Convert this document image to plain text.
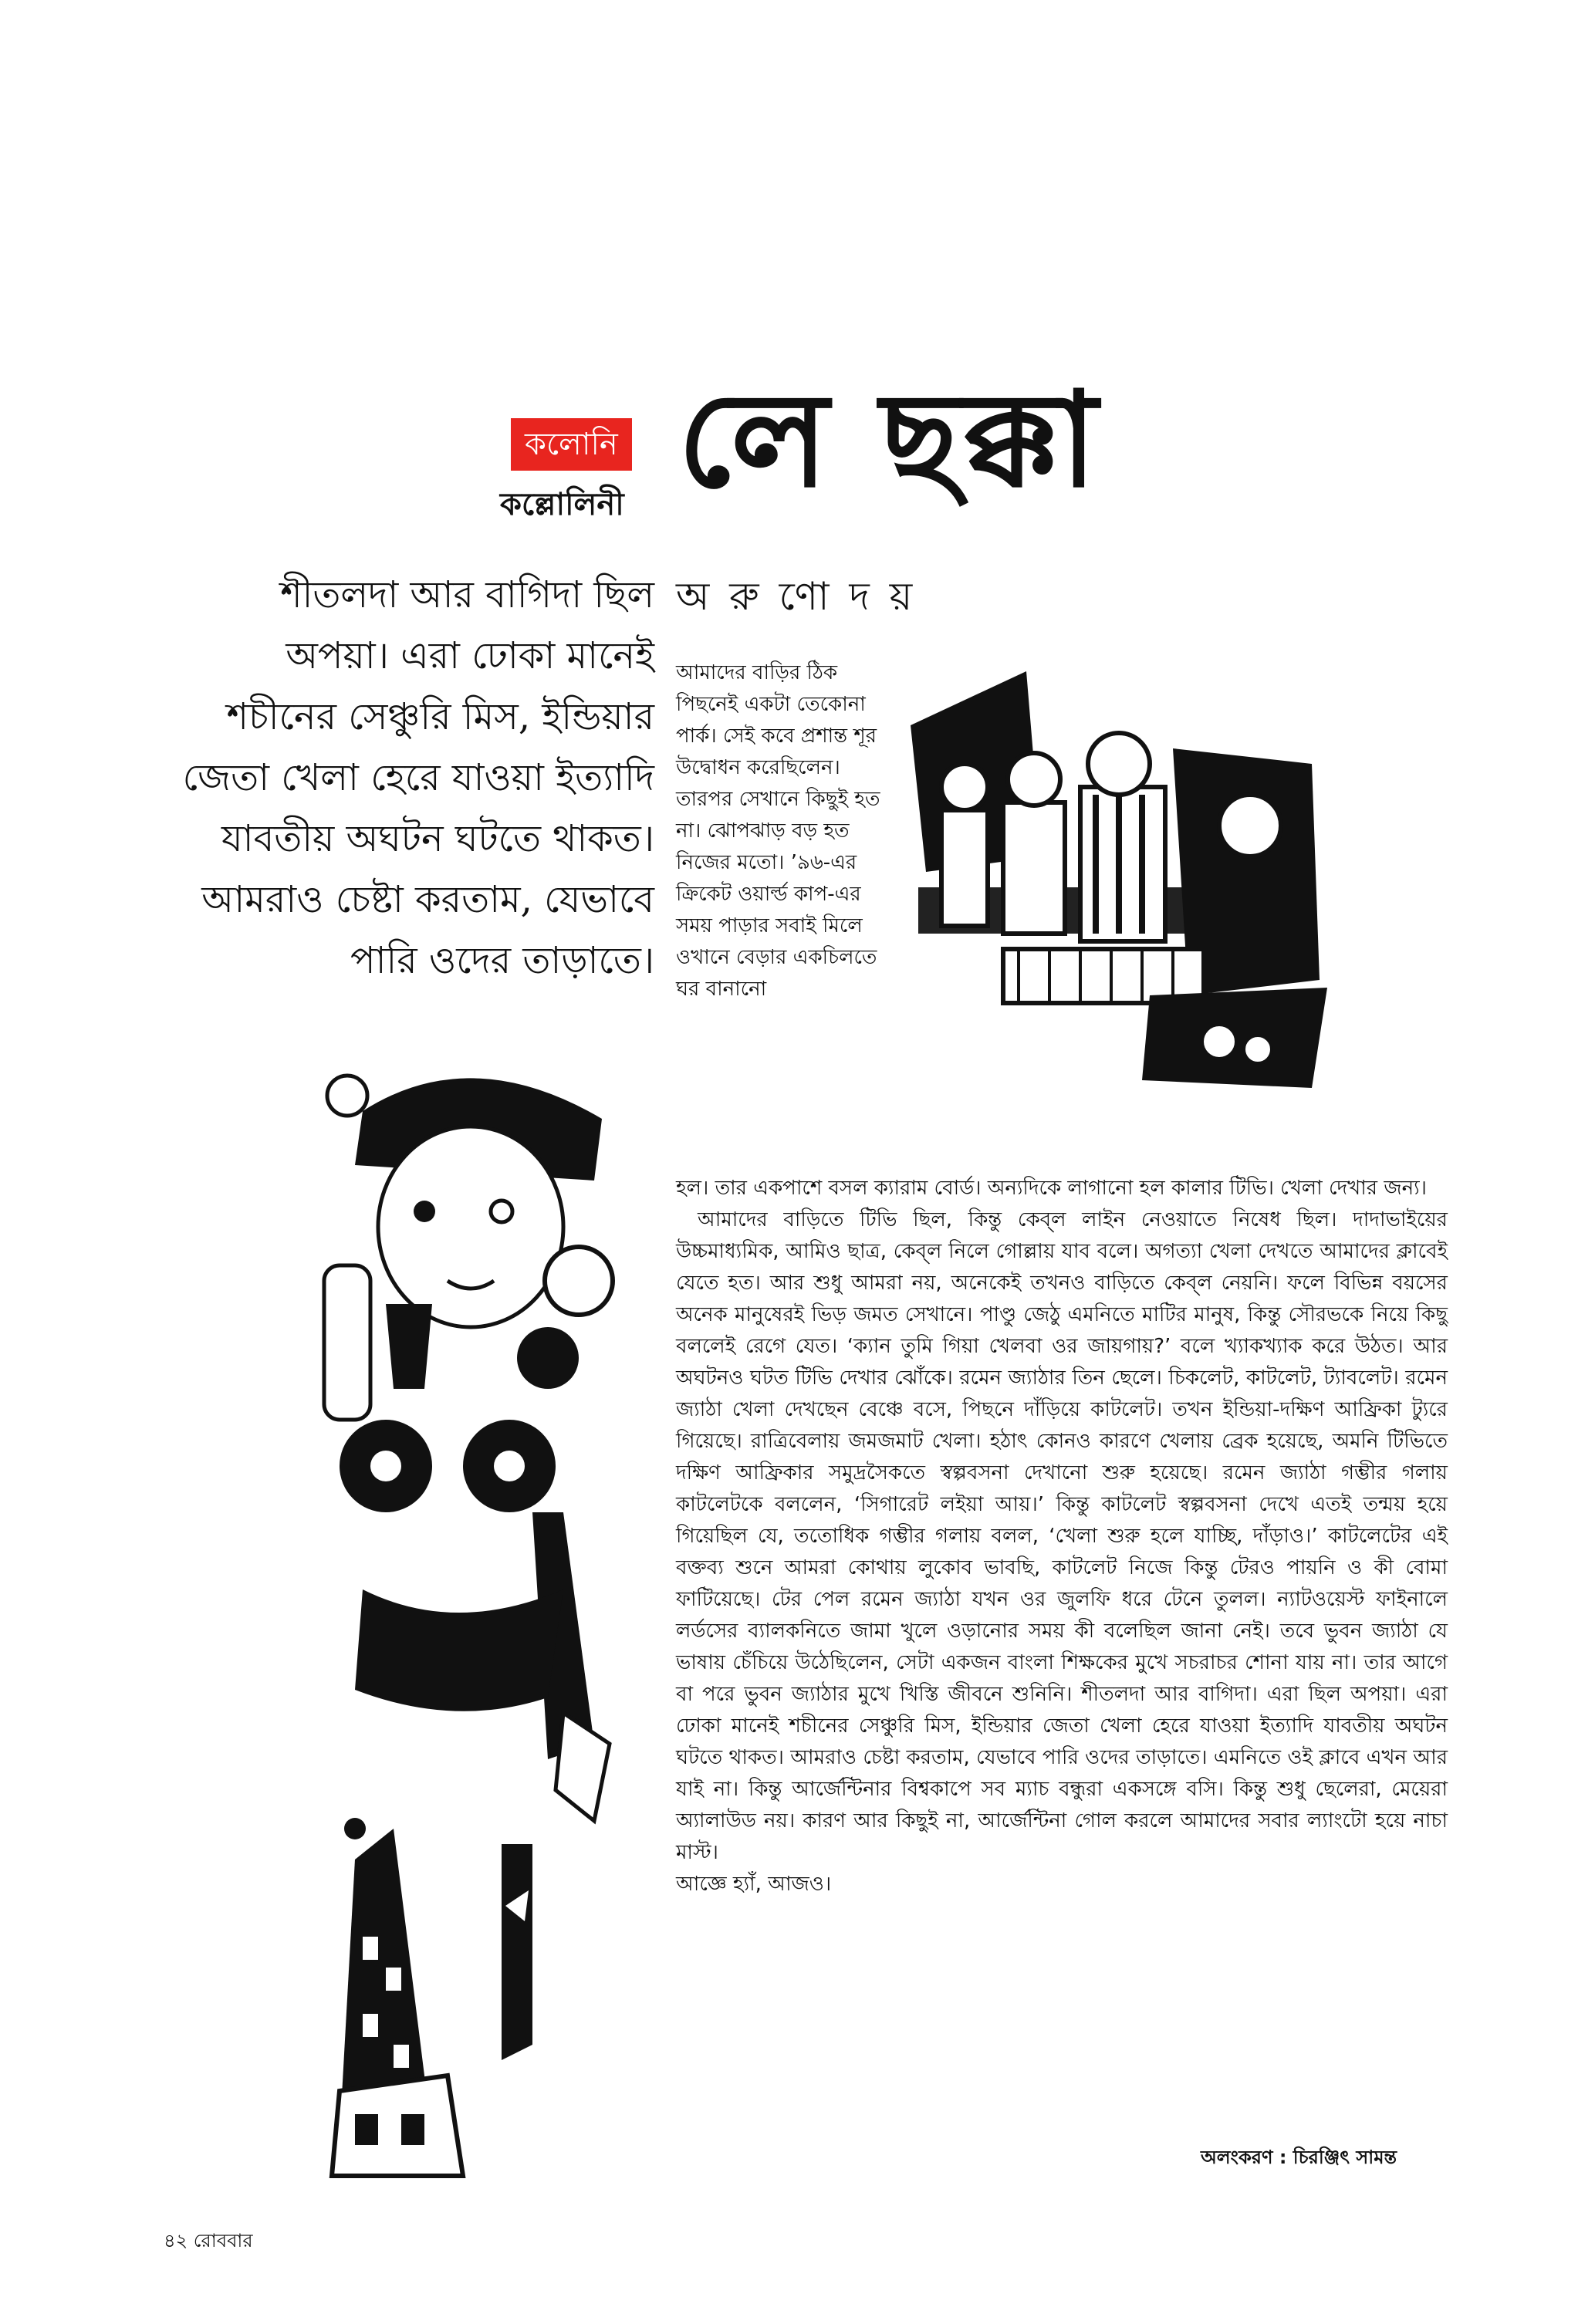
কলোনি
কল্লোলিনী লে ছক্কা
শীতলদা আর বাগিদা ছিল অপয়া। এরা ঢোকা মানেই শচীনের সেঞ্চুরি মিস, ইন্ডিয়ার জেতা খেলা হেরে যাওয়া ইত্যাদি যাবতীয় অঘটন ঘটতে থাকত। আমরাও চেষ্টা করতাম, যেভাবে পারি ওদের তাড়াতে।
অরুণোদয়
আমাদের বাড়ির ঠিক পিছনেই একটা তেকোনা পার্ক। সেই কবে প্রশান্ত শূর উদ্বোধন করেছিলেন। তারপর সেখানে কিছুই হত না। ঝোপঝাড় বড় হত নিজের মতো। ’৯৬-এর ক্রিকেট ওয়ার্ল্ড কাপ-এর সময় পাড়ার সবাই মিলে ওখানে বেড়ার একচিলতে ঘর বানানো

হল। তার একপাশে বসল ক্যারাম বোর্ড। অন্যদিকে লাগানো হল কালার টিভি। খেলা দেখার জন্য।

আমাদের বাড়িতে টিভি ছিল, কিন্তু কেব্‌ল লাইন নেওয়াতে নিষেধ ছিল। দাদাভাইয়ের উচ্চমাধ্যমিক, আমিও ছাত্র, কেব্‌ল নিলে গোল্লায় যাব বলে। অগত্যা খেলা দেখতে আমাদের ক্লাবেই যেতে হত। আর শুধু আমরা নয়, অনেকেই তখনও বাড়িতে কেব্‌ল নেয়নি। ফলে বিভিন্ন বয়সের অনেক মানুষেরই ভিড় জমত সেখানে। পাণ্ডু জেঠু এমনিতে মাটির মানুষ, কিন্তু সৌরভকে নিয়ে কিছু বললেই রেগে যেত। ‘ক্যান তুমি গিয়া খেলবা ওর জায়গায়?’ বলে খ্যাকখ্যাক করে উঠত। আর অঘটনও ঘটত টিভি দেখার ঝোঁকে। রমেন জ্যাঠার তিন ছেলে। চিকলেট, কাটলেট, ট্যাবলেট। রমেন জ্যাঠা খেলা দেখছেন বেঞ্চে বসে, পিছনে দাঁড়িয়ে কাটলেট। তখন ইন্ডিয়া-দক্ষিণ আফ্রিকা ট্যুরে গিয়েছে। রাত্রিবেলায় জমজমাট খেলা। হঠাৎ কোনও কারণে খেলায় ব্রেক হয়েছে, অমনি টিভিতে দক্ষিণ আফ্রিকার সমুদ্রসৈকতে স্বল্পবসনা দেখানো শুরু হয়েছে। রমেন জ্যাঠা গম্ভীর গলায় কাটলেটকে বললেন, ‘সিগারেট লইয়া আয়।’ কিন্তু কাটলেট স্বল্পবসনা দেখে এতই তন্ময় হয়ে গিয়েছিল যে, ততোধিক গম্ভীর গলায় বলল, ‘খেলা শুরু হলে যাচ্ছি, দাঁড়াও।’ কাটলেটের এই বক্তব্য শুনে আমরা কোথায় লুকোব ভাবছি, কাটলেট নিজে কিন্তু টেরও পায়নি ও কী বোমা ফাটিয়েছে। টের পেল রমেন জ্যাঠা যখন ওর জুলফি ধরে টেনে তুলল। ন্যাটওয়েস্ট ফাইনালে লর্ডসের ব্যালকনিতে জামা খুলে ওড়ানোর সময় কী বলেছিল জানা নেই। তবে ভুবন জ্যাঠা যে ভাষায় চেঁচিয়ে উঠেছিলেন, সেটা একজন বাংলা শিক্ষকের মুখে সচরাচর শোনা যায় না। তার আগে বা পরে ভুবন জ্যাঠার মুখে খিস্তি জীবনে শুনিনি। শীতলদা আর বাগিদা। এরা ছিল অপয়া। এরা ঢোকা মানেই শচীনের সেঞ্চুরি মিস, ইন্ডিয়ার জেতা খেলা হেরে যাওয়া ইত্যাদি যাবতীয় অঘটন ঘটতে থাকত। আমরাও চেষ্টা করতাম, যেভাবে পারি ওদের তাড়াতে। এমনিতে ওই ক্লাবে এখন আর যাই না। কিন্তু আর্জেন্টিনার বিশ্বকাপে সব ম্যাচ বন্ধুরা একসঙ্গে বসি। কিন্তু শুধু ছেলেরা, মেয়েরা অ্যালাউড নয়। কারণ আর কিছুই না, আর্জেন্টিনা গোল করলে আমাদের সবার ল্যাংটো হয়ে নাচা মাস্ট।

আজ্ঞে হ্যাঁ, আজও।

অলংকরণ : চিরঞ্জিৎ সামন্ত
৪২ রোববার
